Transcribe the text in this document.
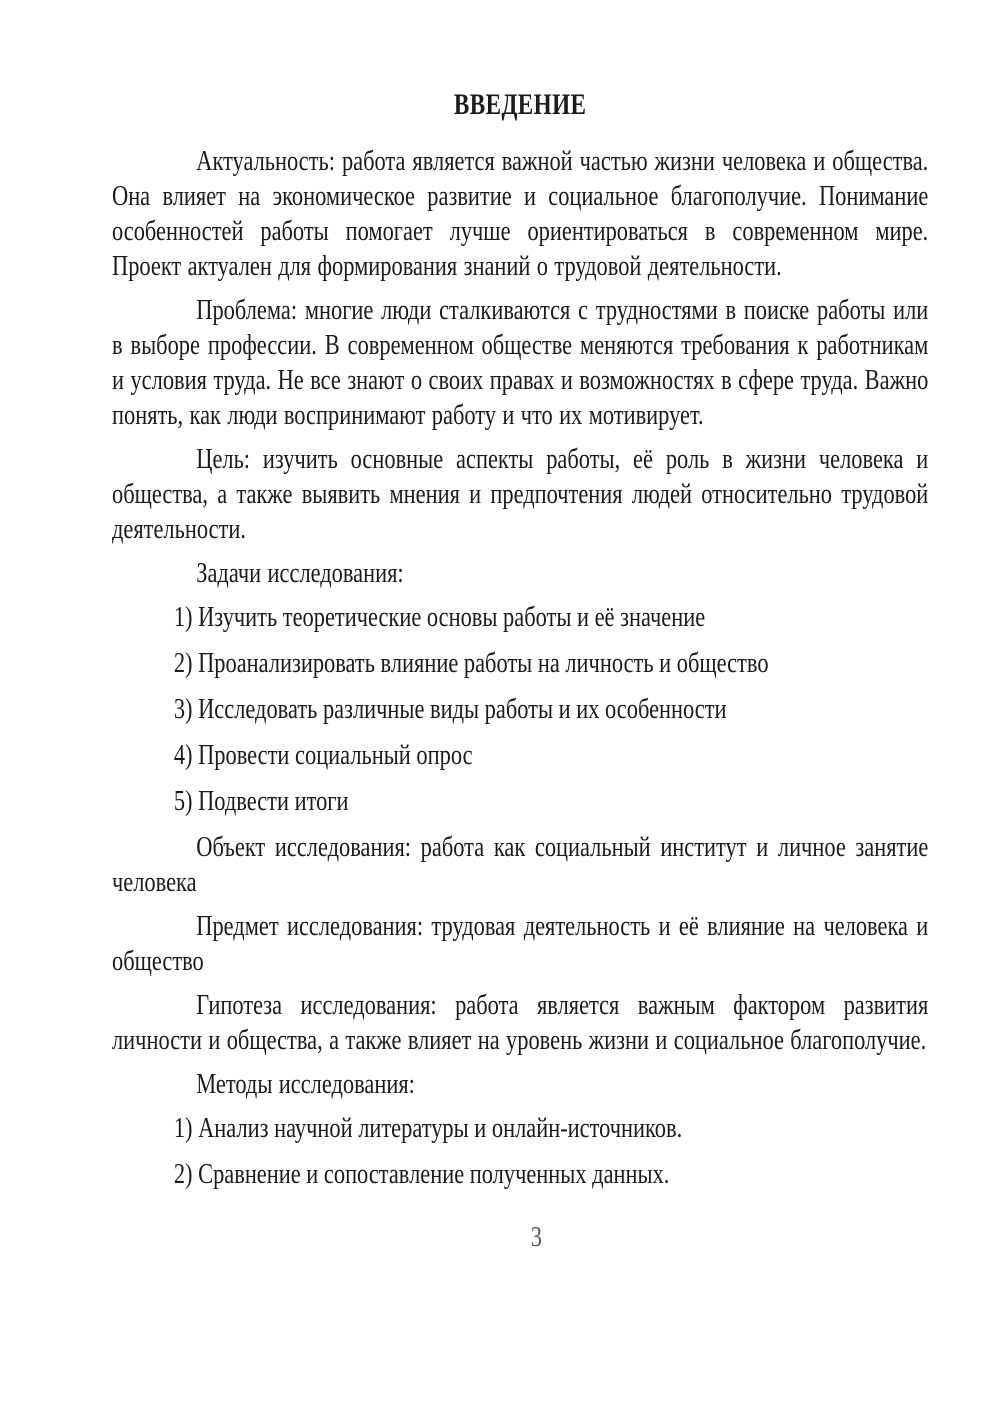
ВВЕДЕНИЕ

Актуальность: работа является важной частью жизни человека и общества. Она влияет на экономическое развитие и социальное благополучие. Понимание особенностей работы помогает лучше ориентироваться в современном мире. Проект актуален для формирования знаний о трудовой деятельности.

Проблема: многие люди сталкиваются с трудностями в поиске работы или в выборе профессии. В современном обществе меняются требования к работникам и условия труда. Не все знают о своих правах и возможностях в сфере труда. Важно понять, как люди воспринимают работу и что их мотивирует.

Цель: изучить основные аспекты работы, её роль в жизни человека и общества, а также выявить мнения и предпочтения людей относительно трудовой деятельности.

Задачи исследования:

1) Изучить теоретические основы работы и её значение

2) Проанализировать влияние работы на личность и общество

3) Исследовать различные виды работы и их особенности

4) Провести социальный опрос

5) Подвести итоги

Объект исследования: работа как социальный институт и личное занятие человека

Предмет исследования: трудовая деятельность и её влияние на человека и общество

Гипотеза исследования: работа является важным фактором развития личности и общества, а также влияет на уровень жизни и социальное благополучие.

Методы исследования:

1) Анализ научной литературы и онлайн-источников.

2) Сравнение и сопоставление полученных данных.

3
